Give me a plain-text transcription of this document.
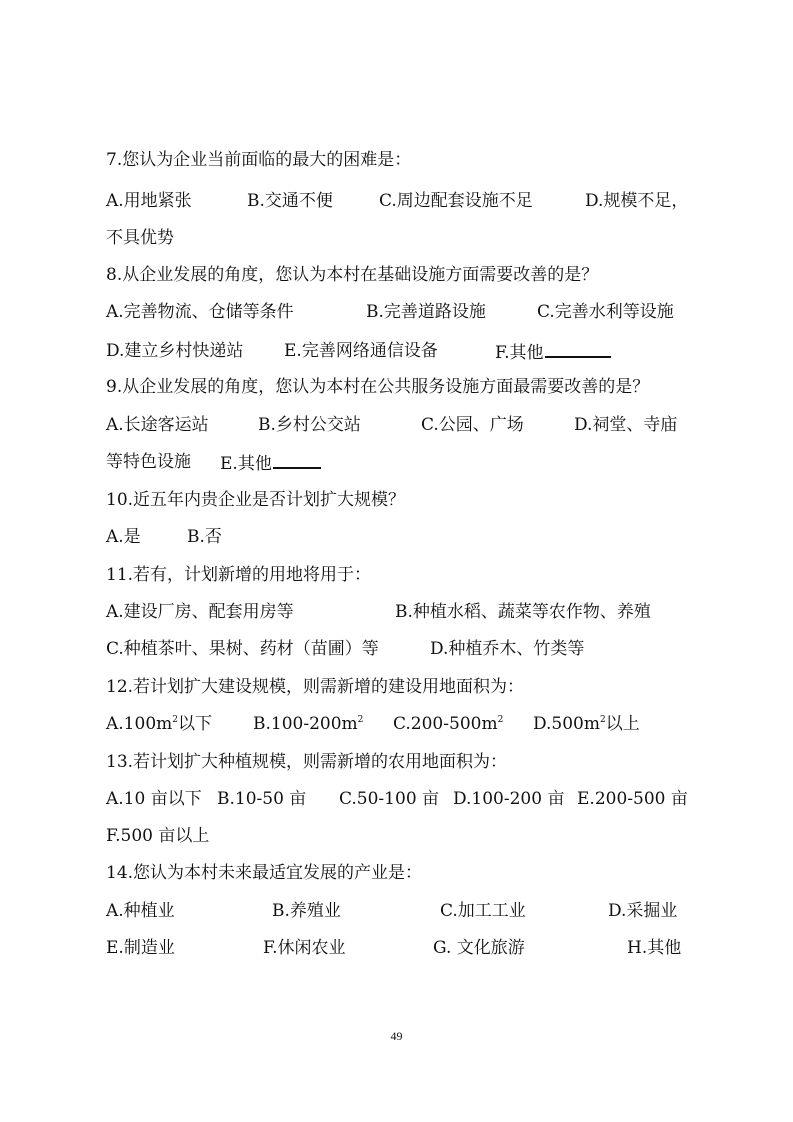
7.您认为企业当前面临的最大的困难是：
A.用地紧张	B.交通不便	C.周边配套设施不足	D.规模不足，
不具优势
8.从企业发展的角度，您认为本村在基础设施方面需要改善的是？
A.完善物流、仓储等条件	B.完善道路设施	C.完善水利等设施
D.建立乡村快递站 E.完善网络通信设备	F.其他
9.从企业发展的角度，您认为本村在公共服务设施方面最需要改善的是？
A.长途客运站	B.乡村公交站	C.公园、广场	D.祠堂、寺庙
等特色设施 E.其他
10.近五年内贵企业是否计划扩大规模？
A.是	B.否
11.若有，计划新增的用地将用于：
A.建设厂房、配套用房等	B.种植水稻、蔬菜等农作物、养殖
C.种植茶叶、果树、药材（苗圃）等	D.种植乔木、竹类等
12.若计划扩大建设规模，则需新增的建设用地面积为：
$A.100m^2$以下 $B.100-200m^2$ $C.200-500m^2$ $D.500m^2$以上
13.若计划扩大种植规模，则需新增的农用地面积为：
A.10 亩以下 B.10-50 亩 C.50-100 亩 D.100-200 亩 E.200-500 亩
F.500 亩以上
14.您认为本村未来最适宜发展的产业是：
A.种植业	B.养殖业	C.加工工业	D.采掘业
E.制造业	F.休闲农业	G. 文化旅游	H.其他
49
